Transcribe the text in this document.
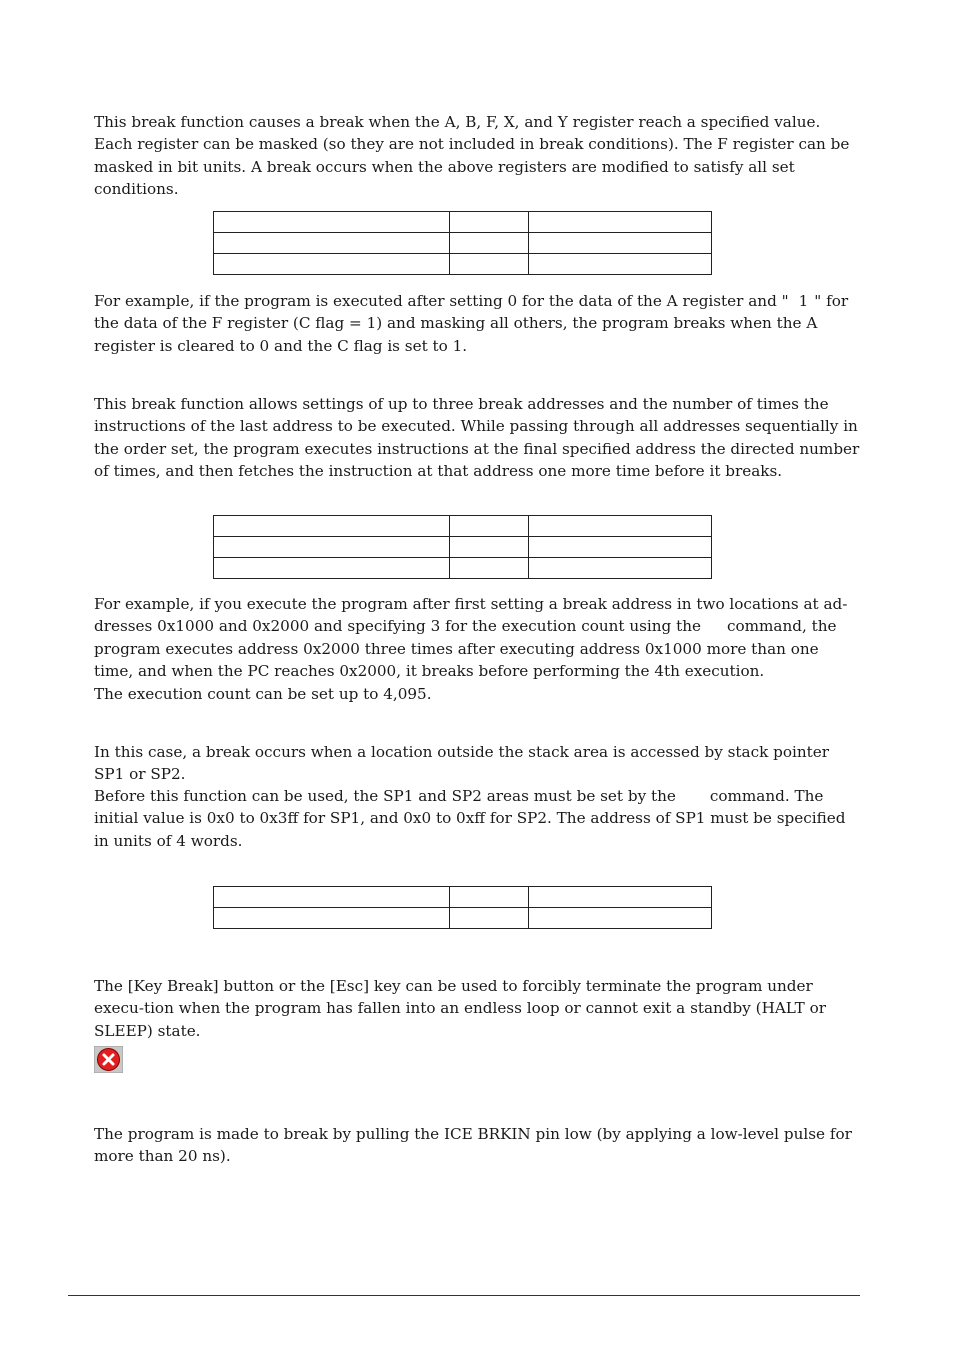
This break function causes a break when the A, B, F, X, and Y register reach a specified value. Each register can be masked (so they are not included in break conditions). The F register can be masked in bit units. A break occurs when the above registers are modified to satisfy all set conditions.

For example, if the program is executed after setting 0 for the data of the A register and " 1 " for the data of the F register (C flag = 1) and masking all others, the program breaks when the A register is cleared to 0 and the C flag is set to 1.

This break function allows settings of up to three break addresses and the number of times the instructions of the last address to be executed. While passing through all addresses sequentially in the order set, the program executes instructions at the final specified address the directed number of times, and then fetches the instruction at that address one more time before it breaks.

For example, if you execute the program after first setting a break address in two locations at ad-dresses 0x1000 and 0x2000 and specifying 3 for the execution count using the command, the program executes address 0x2000 three times after executing address 0x1000 more than one time, and when the PC reaches 0x2000, it breaks before performing the 4th execution.
The execution count can be set up to 4,095.

In this case, a break occurs when a location outside the stack area is accessed by stack pointer SP1 or SP2.

Before this function can be used, the SP1 and SP2 areas must be set by the command. The initial value is 0x0 to 0x3ff for SP1, and 0x0 to 0xff for SP2. The address of SP1 must be specified in units of 4 words.

The [Key Break] button or the [Esc] key can be used to forcibly terminate the program under execu-tion when the program has fallen into an endless loop or cannot exit a standby (HALT or SLEEP) state.

The program is made to break by pulling the ICE BRKIN pin low (by applying a low-level pulse for more than 20 ns).
